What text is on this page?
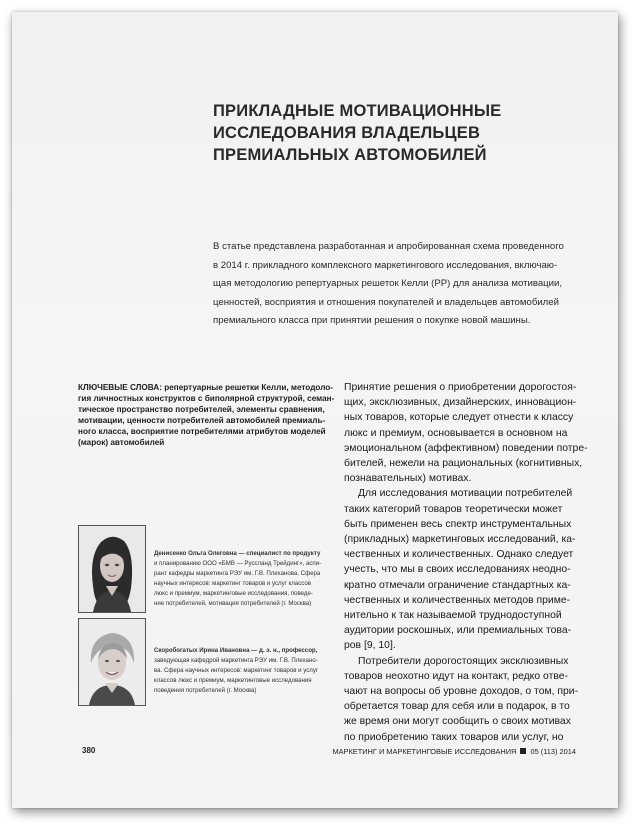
ПРИКЛАДНЫЕ МОТИВАЦИОННЫЕ
ИССЛЕДОВАНИЯ ВЛАДЕЛЬЦЕВ
ПРЕМИАЛЬНЫХ АВТОМОБИЛЕЙ
В статье представлена разработанная и апробированная схема проведенного
в 2014 г. прикладного комплексного маркетингового исследования, включаю-
щая методологию репертуарных решеток Келли (РР) для анализа мотивации,
ценностей, восприятия и отношения покупателей и владельцев автомобилей
премиального класса при принятии решения о покупке новой машины.
КЛЮЧЕВЫЕ СЛОВА: репертуарные решетки Келли, методоло-
гия личностных конструктов с биполярной структурой, семан-
тическое пространство потребителей, элементы сравнения,
мотивации, ценности потребителей автомобилей премиаль-
ного класса, восприятие потребителями атрибутов моделей
(марок) автомобилей
Денисенко Ольга Олеговна — специалист по продукту
и планированию ООО «БМВ — Руссланд Трейдинг», аспи-
рант кафедры маркетинга РЭУ им. Г.В. Плеханова. Сфера
научных интересов: маркетинг товаров и услуг классов
люкс и премиум, маркетинговые исследования, поведе-
ние потребителей, мотивация потребителей (г. Москва)
Скоробогатых Ирина Ивановна — д. э. н., профессор,
заведующая кафедрой маркетинга РЭУ им. Г.В. Плехано-
ва. Сфера научных интересов: маркетинг товаров и услуг
классов люкс и премиум, маркетинговые исследования
поведения потребителей (г. Москва)
Принятие решения о приобретении дорогостоя-
щих, эксклюзивных, дизайнерских, инновацион-
ных товаров, которые следует отнести к классу
люкс и премиум, основывается в основном на
эмоциональном (аффективном) поведении потре-
бителей, нежели на рациональных (когнитивных,
познавательных) мотивах.
Для исследования мотивации потребителей
таких категорий товаров теоретически может
быть применен весь спектр инструментальных
(прикладных) маркетинговых исследований, ка-
чественных и количественных. Однако следует
учесть, что мы в своих исследованиях неодно-
кратно отмечали ограничение стандартных ка-
чественных и количественных методов приме-
нительно к так называемой труднодоступной
аудитории роскошных, или премиальных това-
ров [9, 10].
Потребители дорогостоящих эксклюзивных
товаров неохотно идут на контакт, редко отве-
чают на вопросы об уровне доходов, о том, при-
обретается товар для себя или в подарок, в то
же время они могут сообщить о своих мотивах
по приобретению таких товаров или услуг, но
380	МАРКЕТИНГ И МАРКЕТИНГОВЫЕ ИССЛЕДОВАНИЯ 05 (113) 2014
